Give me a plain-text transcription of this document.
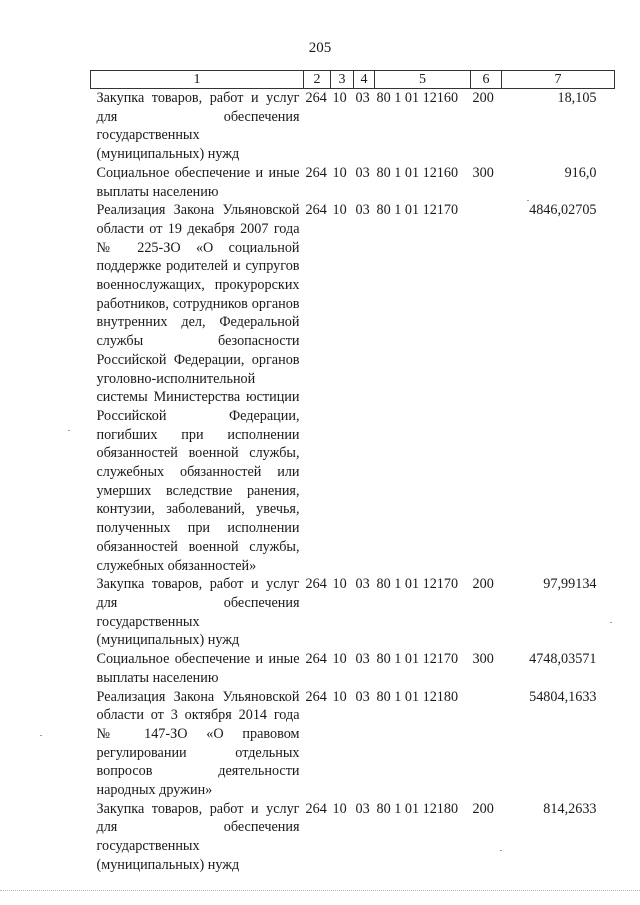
205
1	2	3	4	5	6	7
Закупка товаров, работ и услуг для обеспечения государственных (муниципальных) нужд	264	10	03	80 1 01 12160	200	18,105
Социальное обеспечение и иные выплаты населению	264	10	03	80 1 01 12160	300	916,0
Реализация Закона Ульяновской области от 19 декабря 2007 года № 225-ЗО «О социальной поддержке родителей и супругов военнослужащих, прокурорских работников, сотрудников органов внутренних дел, Федеральной службы безопасности Российской Федерации, органов уголовно-исполнительной системы Министерства юстиции Российской Федерации, погибших при исполнении обязанностей военной службы, служебных обязанностей или умерших вследствие ранения, контузии, заболеваний, увечья, полученных при исполнении обязанностей военной службы, служебных обязанностей»	264	10	03	80 1 01 12170		4846,02705
Закупка товаров, работ и услуг для обеспечения государственных (муниципальных) нужд	264	10	03	80 1 01 12170	200	97,99134
Социальное обеспечение и иные выплаты населению	264	10	03	80 1 01 12170	300	4748,03571
Реализация Закона Ульяновской области от 3 октября 2014 года № 147-ЗО «О правовом регулировании отдельных вопросов деятельности народных дружин»	264	10	03	80 1 01 12180		54804,1633
Закупка товаров, работ и услуг для обеспечения государственных (муниципальных) нужд	264	10	03	80 1 01 12180	200	814,2633
